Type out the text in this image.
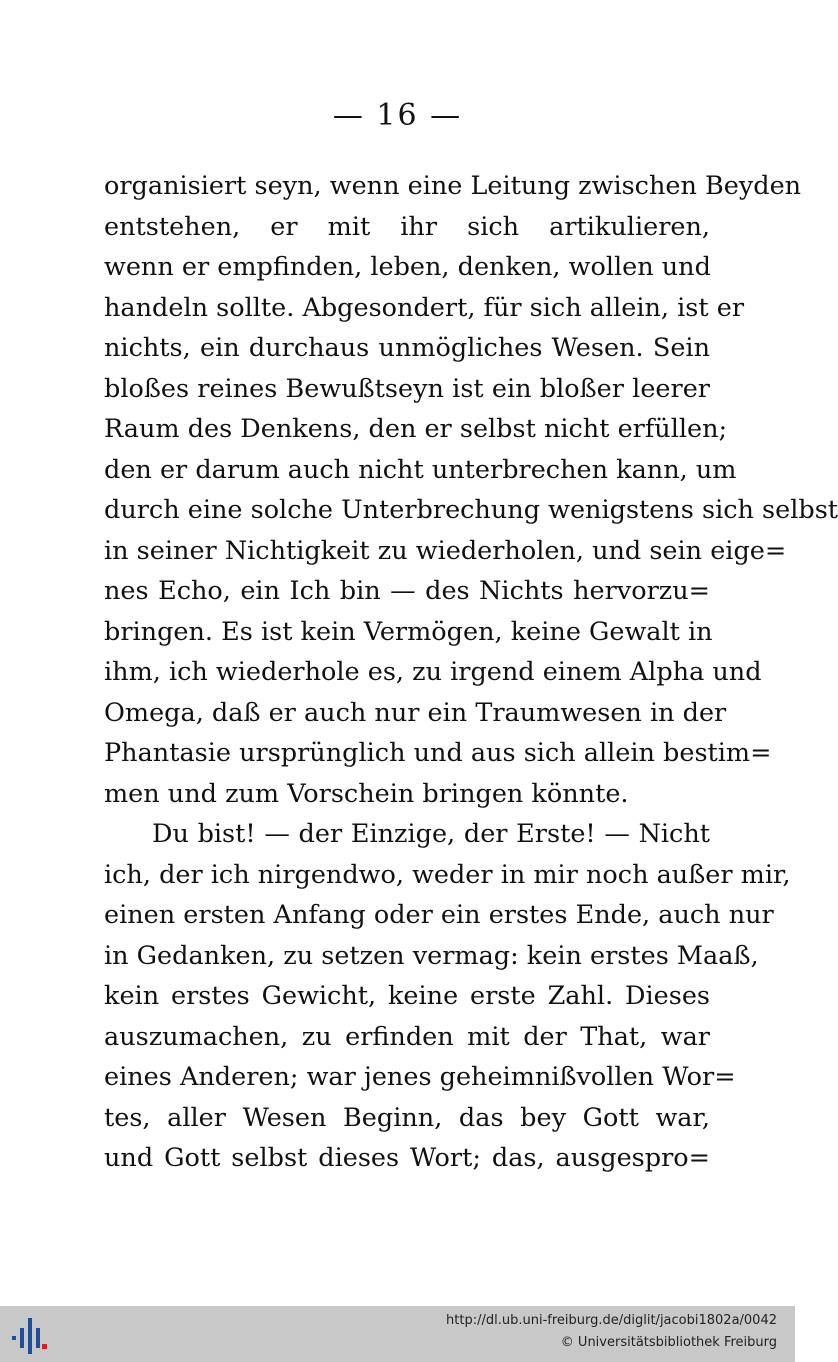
— 16 —
organisiert seyn, wenn eine Leitung zwischen Beyden
entstehen, er mit ihr sich artikulieren,
wenn er empfinden, leben, denken, wollen und
handeln sollte. Abgesondert, für sich allein, ist er
nichts, ein durchaus unmögliches Wesen. Sein
bloßes reines Bewußtseyn ist ein bloßer leerer
Raum des Denkens, den er selbst nicht erfüllen;
den er darum auch nicht unterbrechen kann, um
durch eine solche Unterbrechung wenigstens sich selbst
in seiner Nichtigkeit zu wiederholen, und sein eige=
nes Echo, ein Ich bin — des Nichts hervorzu=
bringen. Es ist kein Vermögen, keine Gewalt in
ihm, ich wiederhole es, zu irgend einem Alpha und
Omega, daß er auch nur ein Traumwesen in der
Phantasie ursprünglich und aus sich allein bestim=
men und zum Vorschein bringen könnte.
Du bist! — der Einzige, der Erste! — Nicht
ich, der ich nirgendwo, weder in mir noch außer mir,
einen ersten Anfang oder ein erstes Ende, auch nur
in Gedanken, zu setzen vermag: kein erstes Maaß,
kein erstes Gewicht, keine erste Zahl. Dieses
auszumachen, zu erfinden mit der That, war
eines Anderen; war jenes geheimnißvollen Wor=
tes, aller Wesen Beginn, das bey Gott war,
und Gott selbst dieses Wort; das, ausgespro=
http://dl.ub.uni-freiburg.de/diglit/jacobi1802a/0042
© Universitätsbibliothek Freiburg
